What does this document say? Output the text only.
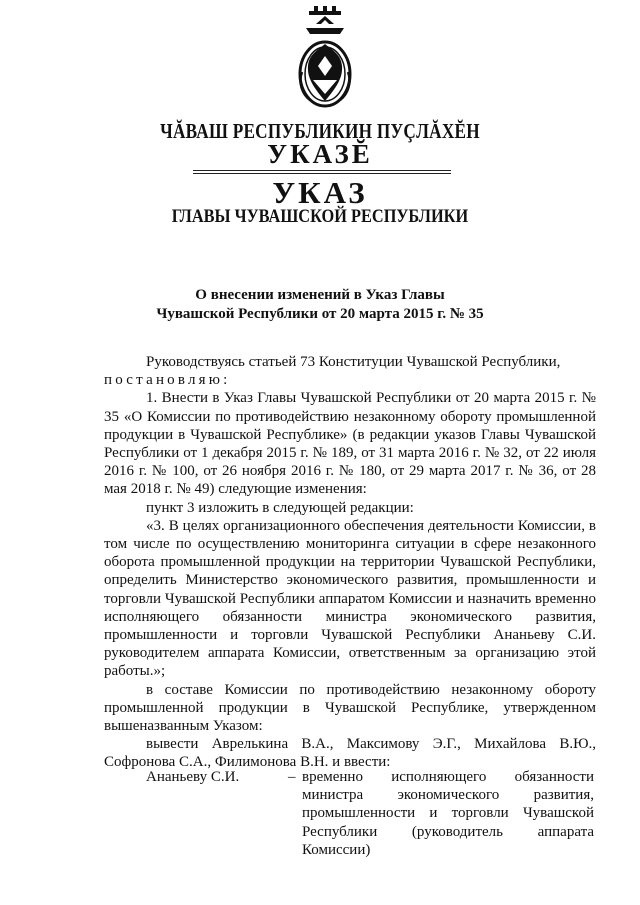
ЧĂВАШ РЕСПУБЛИКИН ПУÇЛĂХĔН
УКАЗĔ
УКАЗ
ГЛАВЫ ЧУВАШСКОЙ РЕСПУБЛИКИ
О внесении изменений в Указ Главы
Чувашской Республики от 20 марта 2015 г. № 35

Руководствуясь статьей 73 Конституции Чувашской Республики,

постановляю:

1. Внести в Указ Главы Чувашской Республики от 20 марта 2015 г. № 35 «О Комиссии по противодействию незаконному обороту промышленной продукции в Чувашской Республике» (в редакции указов Главы Чувашской Республики от 1 декабря 2015 г. № 189, от 31 марта 2016 г. № 32, от 22 июля 2016 г. № 100, от 26 ноября 2016 г. № 180, от 29 марта 2017 г. № 36, от 28 мая 2018 г. № 49) следующие изменения:

пункт 3 изложить в следующей редакции:

«3. В целях организационного обеспечения деятельности Комиссии, в том числе по осуществлению мониторинга ситуации в сфере незаконного оборота промышленной продукции на территории Чувашской Республики, определить Министерство экономического развития, промышленности и торговли Чувашской Республики аппаратом Комиссии и назначить временно исполняющего обязанности министра экономического развития, промышленности и торговли Чувашской Республики Ананьеву С.И. руководителем аппарата Комиссии, ответственным за организацию этой работы.»;

в составе Комиссии по противодействию незаконному обороту промышленной продукции в Чувашской Республике, утвержденном вышеназванным Указом:

вывести Аврелькина В.А., Максимову Э.Г., Михайлова В.Ю., Софронова С.А., Филимонова В.Н. и ввести:

Ананьеву С.И.	– временно исполняющего обязанности министра экономического развития, промышленности и торговли Чувашской Республики (руководитель аппарата Комиссии)
